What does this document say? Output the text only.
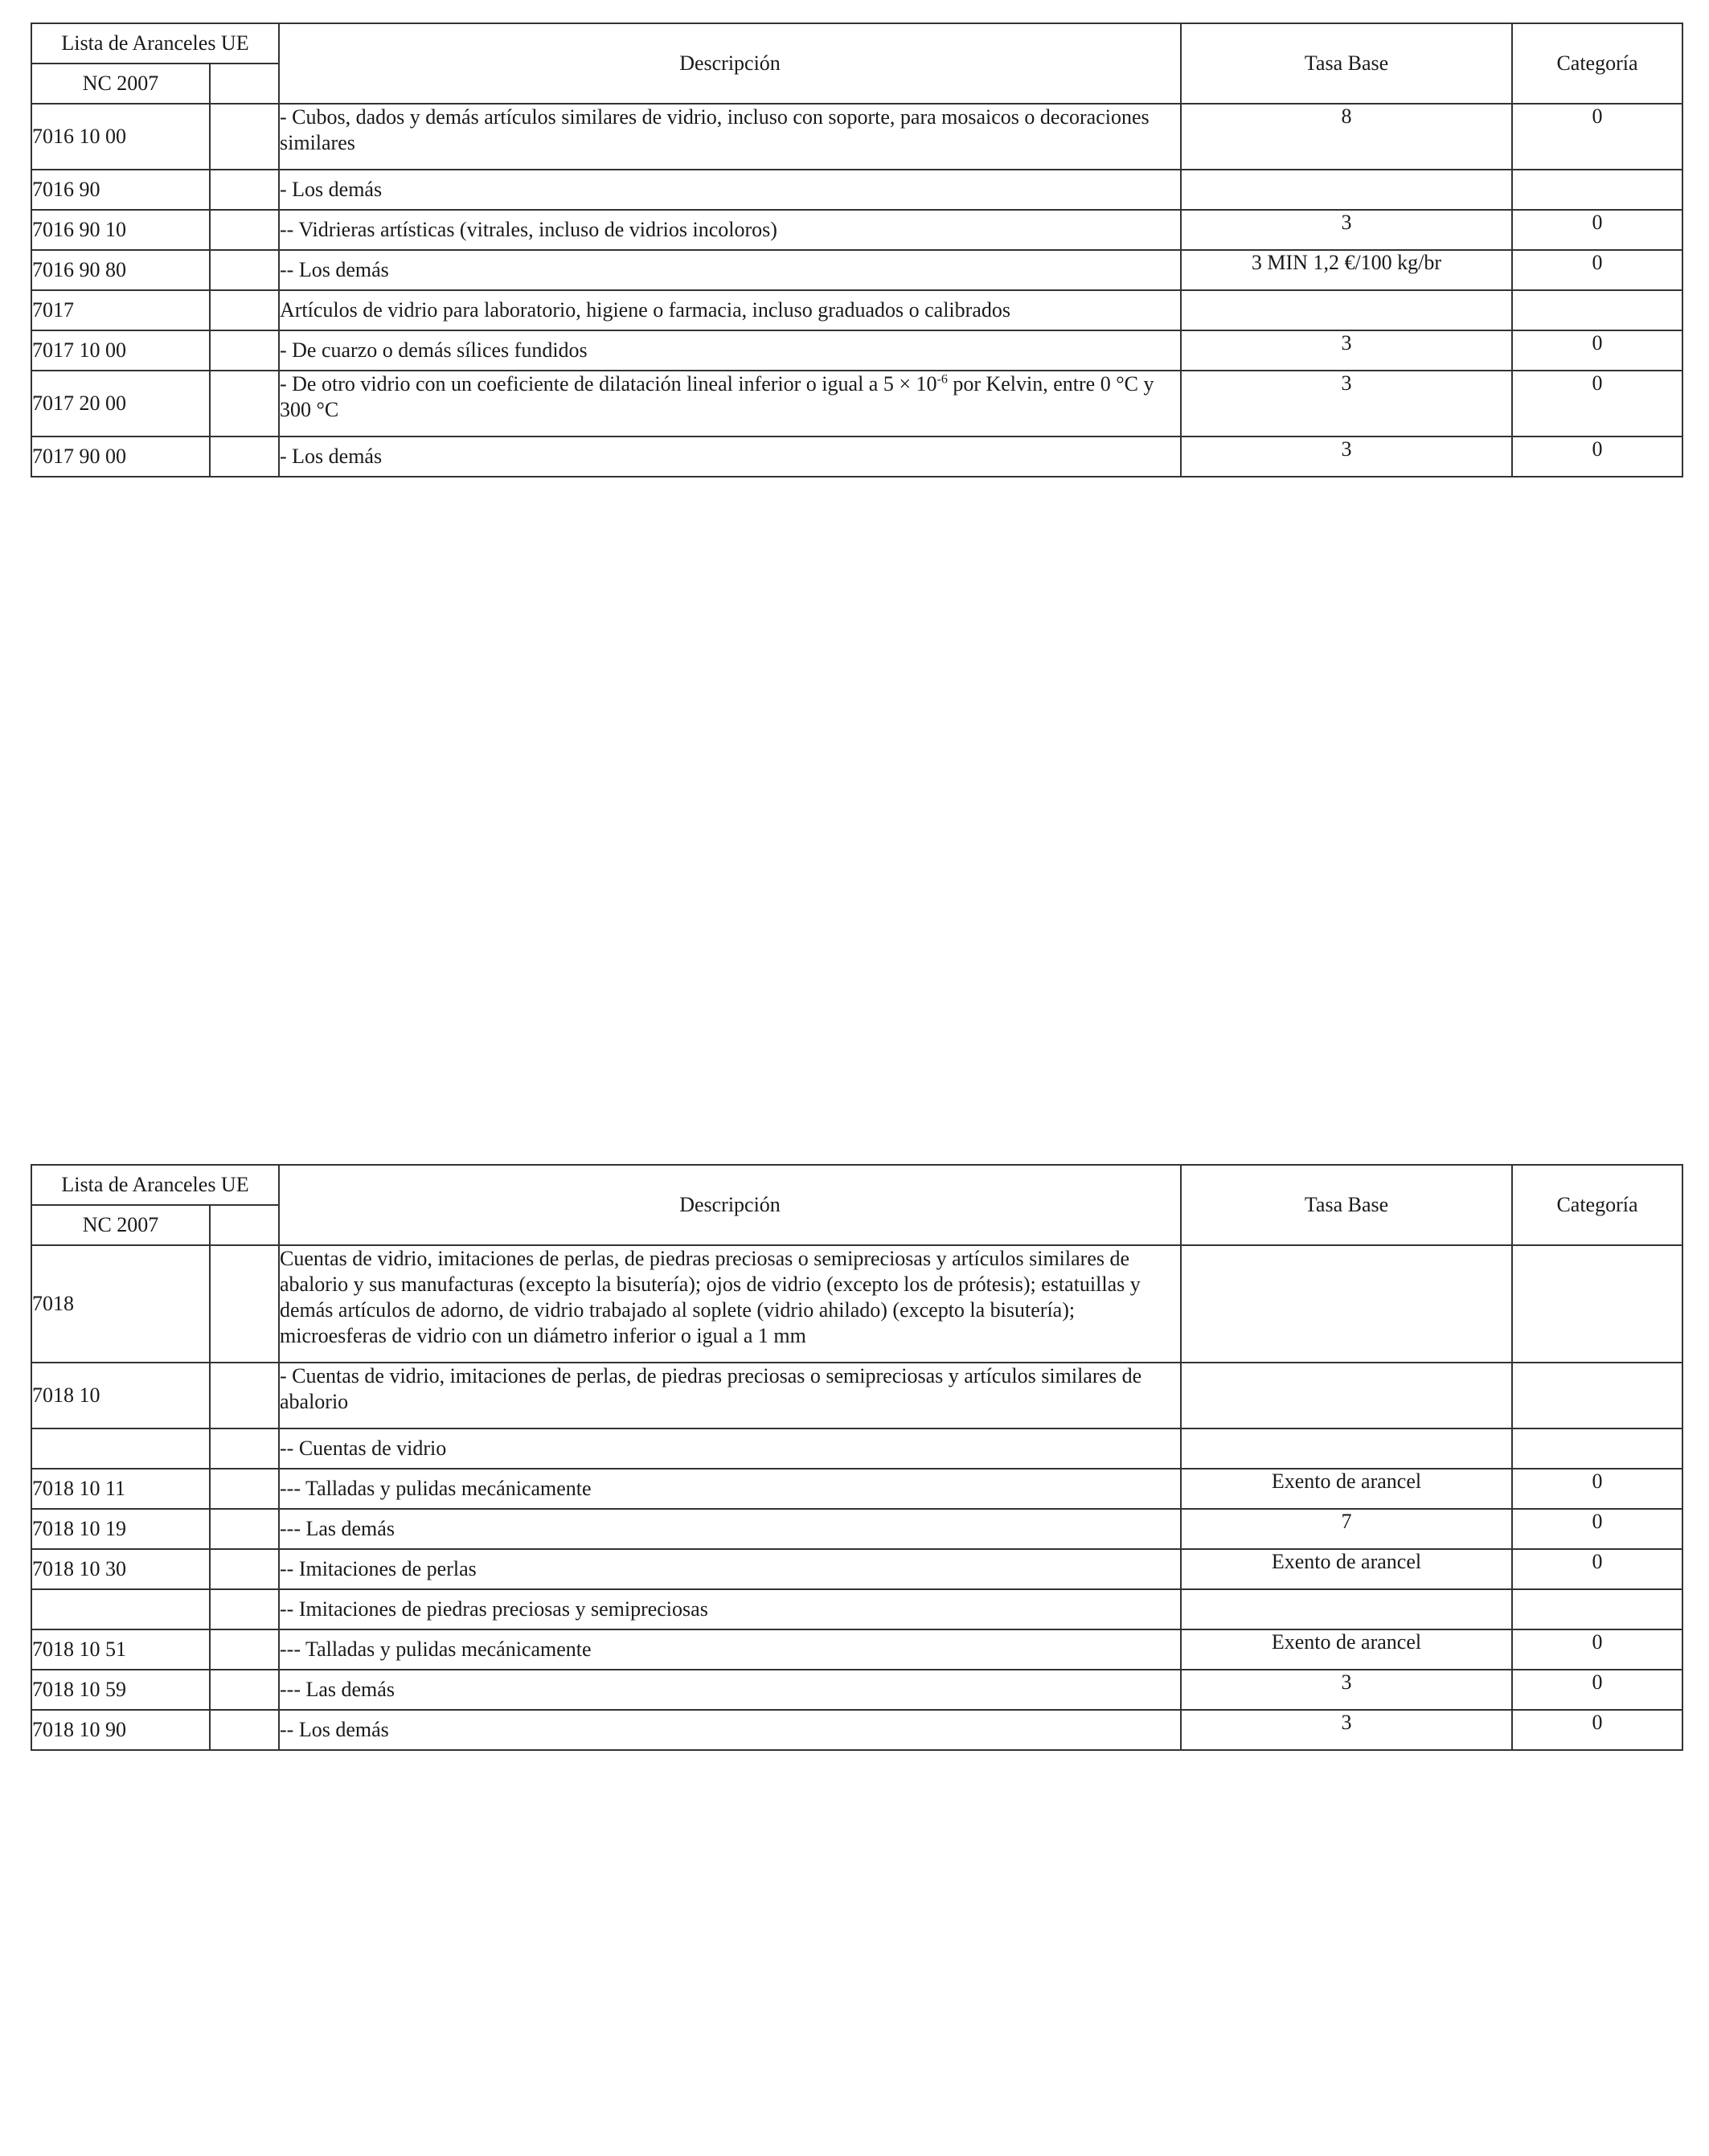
Lista de Aranceles UE		Descripción	Tasa Base	Categoría
NC 2007				
7016 10 00		- Cubos, dados y demás artículos similares de vidrio, incluso con soporte, para mosaicos o decoraciones similares	8	0
7016 90		- Los demás		
7016 90 10		-- Vidrieras artísticas (vitrales, incluso de vidrios incoloros)	3	0
7016 90 80		-- Los demás	3 MIN 1,2 €/100 kg/br	0
7017		Artículos de vidrio para laboratorio, higiene o farmacia, incluso graduados o calibrados		
7017 10 00		- De cuarzo o demás sílices fundidos	3	0
7017 20 00		- De otro vidrio con un coeficiente de dilatación lineal inferior o igual a $5 \times 10^{-6}$ por Kelvin, entre 0 °C y 300 °C	3	0
7017 90 00		- Los demás	3	0
Lista de Aranceles UE		Descripción	Tasa Base	Categoría
NC 2007				
7018		Cuentas de vidrio, imitaciones de perlas, de piedras preciosas o semipreciosas y artículos similares de abalorio y sus manufacturas (excepto la bisutería); ojos de vidrio (excepto los de prótesis); estatuillas y demás artículos de adorno, de vidrio trabajado al soplete (vidrio ahilado) (excepto la bisutería); microesferas de vidrio con un diámetro inferior o igual a 1 mm		
7018 10		- Cuentas de vidrio, imitaciones de perlas, de piedras preciosas o semipreciosas y artículos similares de abalorio		
		-- Cuentas de vidrio		
7018 10 11		--- Talladas y pulidas mecánicamente	Exento de arancel	0
7018 10 19		--- Las demás	7	0
7018 10 30		-- Imitaciones de perlas	Exento de arancel	0
		-- Imitaciones de piedras preciosas y semipreciosas		
7018 10 51		--- Talladas y pulidas mecánicamente	Exento de arancel	0
7018 10 59		--- Las demás	3	0
7018 10 90		-- Los demás	3	0
